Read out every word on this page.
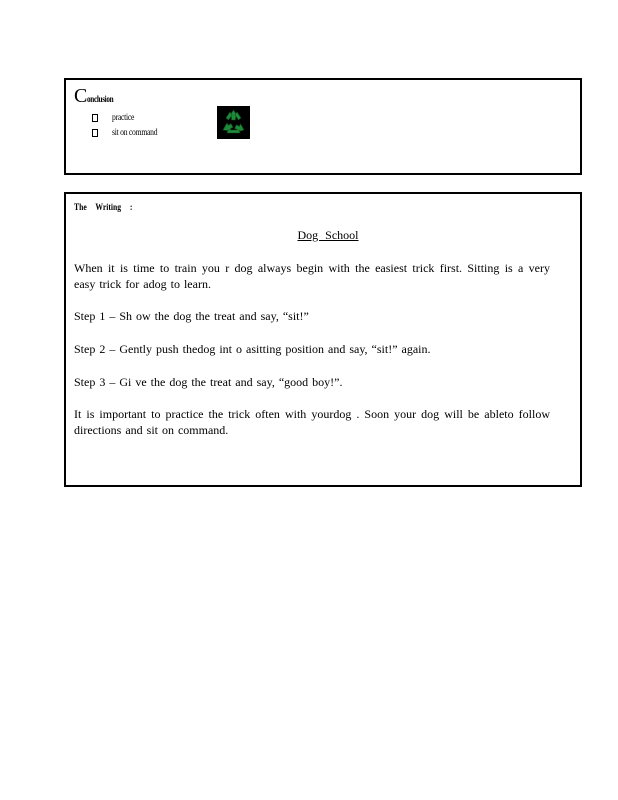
Conclusion
practice
sit on command
The Writing :
Dog School
When it is time to train you r dog always begin with the easiest trick first. Sitting is a very easy trick for adog to learn.
Step 1 – Sh ow the dog the treat and say, “sit!”
Step 2 – Gently push thedog int o asitting position and say, “sit!” again.
Step 3 – Gi ve the dog the treat and say, “good boy!”.
It is important to practice the trick often with yourdog . Soon your dog will be ableto follow directions and sit on command.
